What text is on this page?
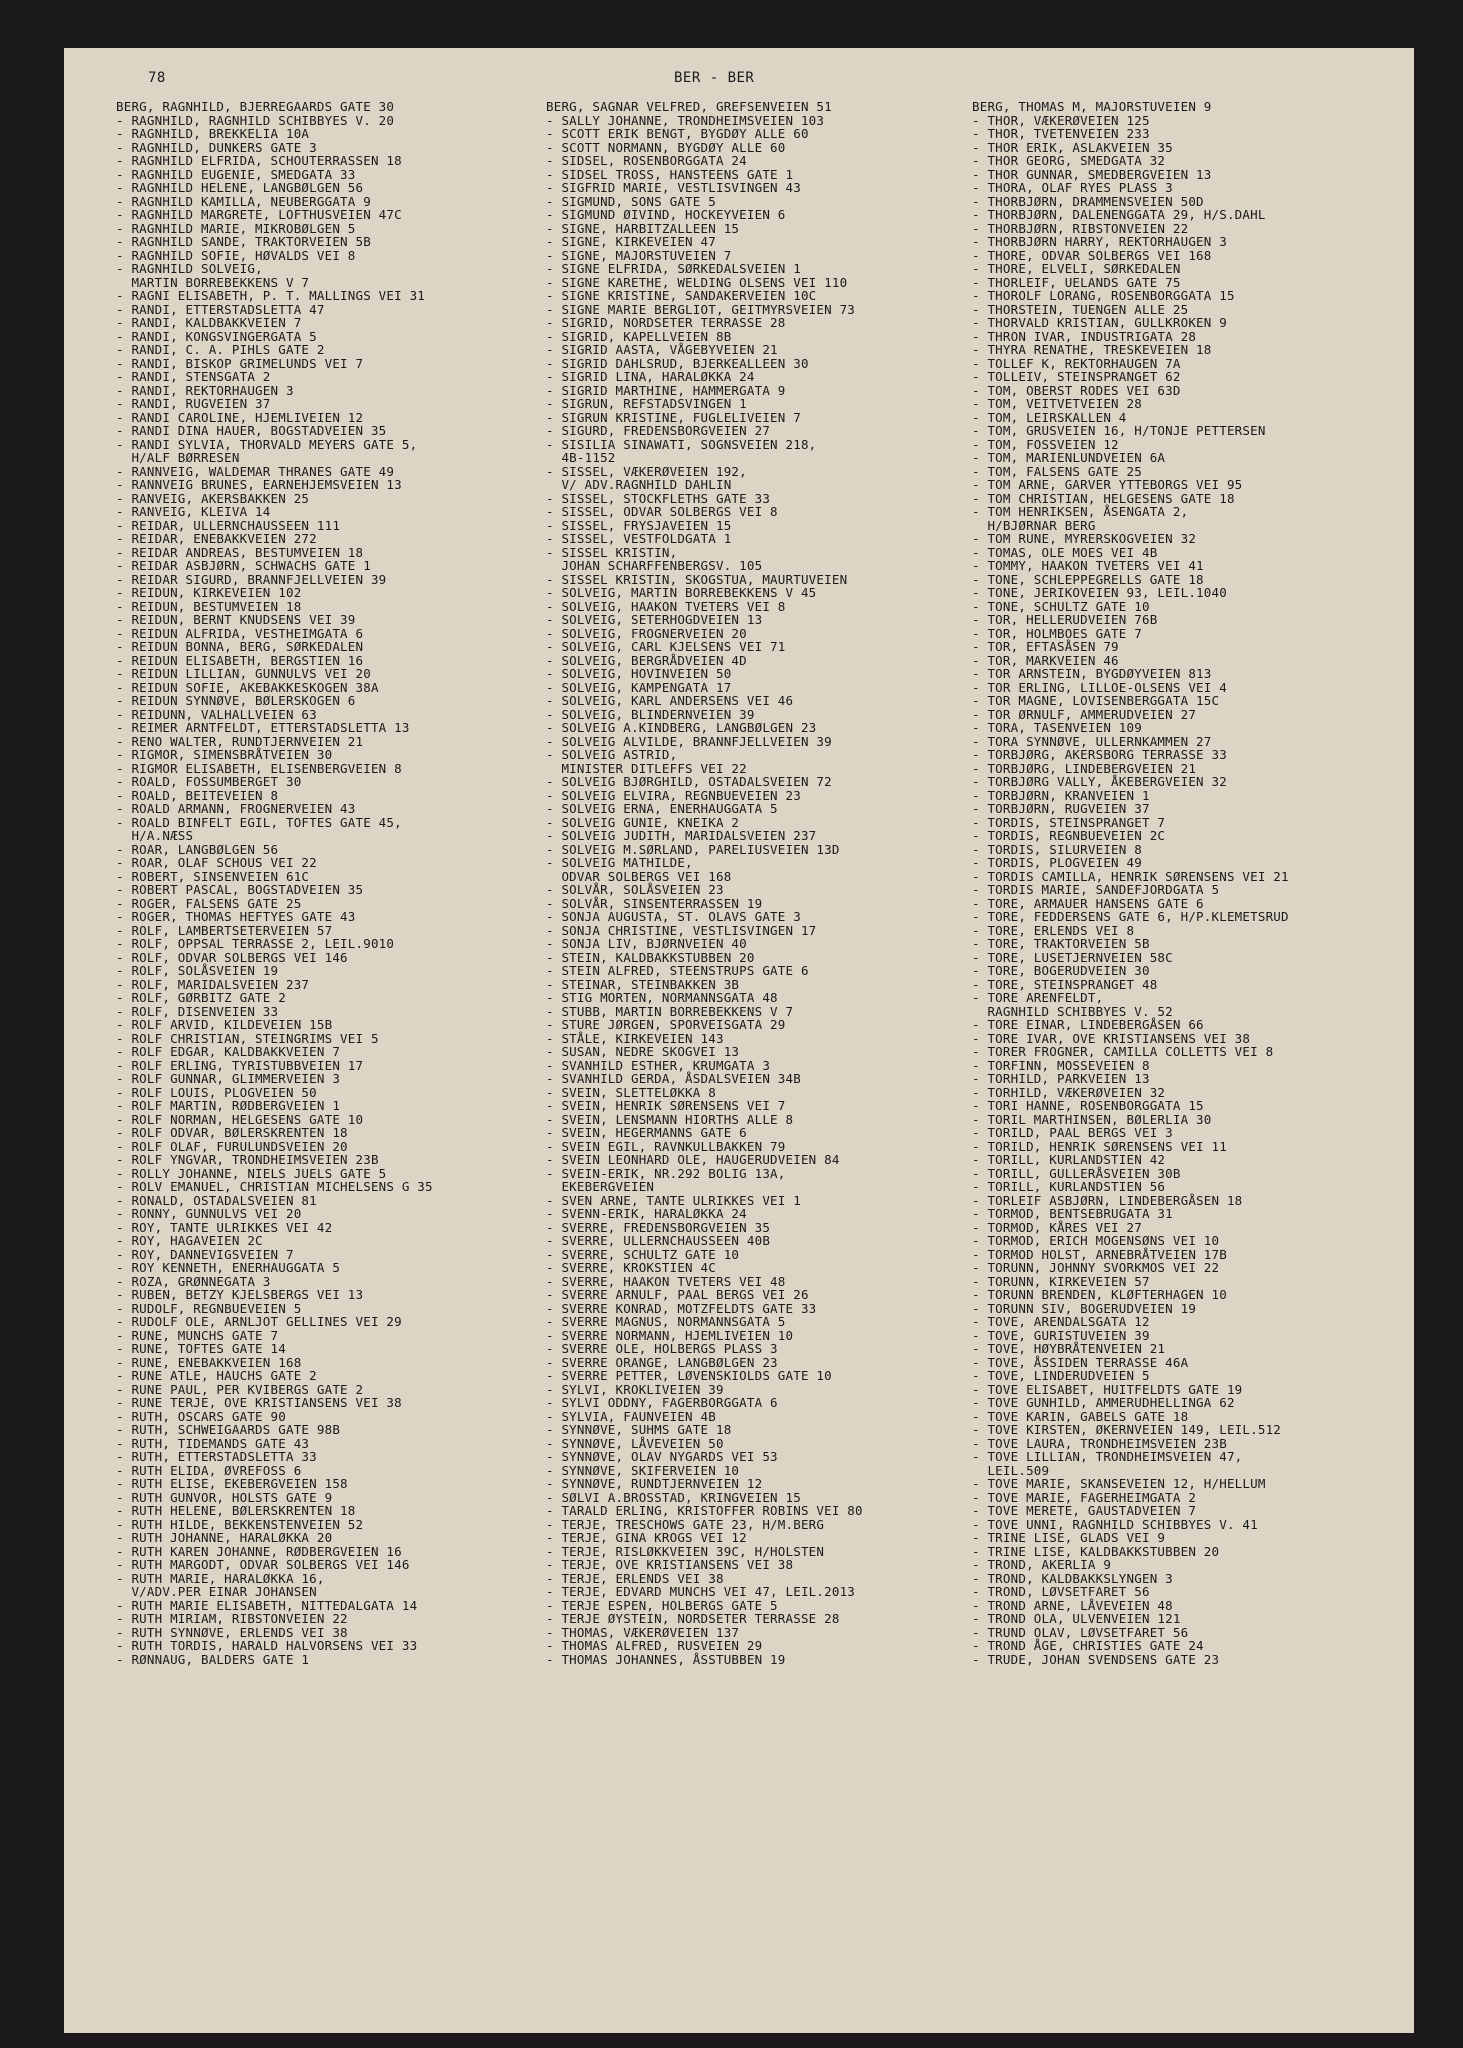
78	BER - BER
BERG, RAGNHILD, BJERREGAARDS GATE 30
- RAGNHILD, RAGNHILD SCHIBBYES V. 20
- RAGNHILD, BREKKELIA 10A
- RAGNHILD, DUNKERS GATE 3
- RAGNHILD ELFRIDA, SCHOUTERRASSEN 18
- RAGNHILD EUGENIE, SMEDGATA 33
- RAGNHILD HELENE, LANGBØLGEN 56
- RAGNHILD KAMILLA, NEUBERGGATA 9
- RAGNHILD MARGRETE, LOFTHUSVEIEN 47C
- RAGNHILD MARIE, MIKROBØLGEN 5
- RAGNHILD SANDE, TRAKTORVEIEN 5B
- RAGNHILD SOFIE, HØVALDS VEI 8
- RAGNHILD SOLVEIG,
MARTIN BORREBEKKENS V 7
- RAGNI ELISABETH, P. T. MALLINGS VEI 31
- RANDI, ETTERSTADSLETTA 47
- RANDI, KALDBAKKVEIEN 7
- RANDI, KONGSVINGERGATA 5
- RANDI, C. A. PIHLS GATE 2
- RANDI, BISKOP GRIMELUNDS VEI 7
- RANDI, STENSGATA 2
- RANDI, REKTORHAUGEN 3
- RANDI, RUGVEIEN 37
- RANDI CAROLINE, HJEMLIVEIEN 12
- RANDI DINA HAUER, BOGSTADVEIEN 35
- RANDI SYLVIA, THORVALD MEYERS GATE 5,
H/ALF BØRRESEN
- RANNVEIG, WALDEMAR THRANES GATE 49
- RANNVEIG BRUNES, EARNEHJEMSVEIEN 13
- RANVEIG, AKERSBAKKEN 25
- RANVEIG, KLEIVA 14
- REIDAR, ULLERNCHAUSSEEN 111
- REIDAR, ENEBAKKVEIEN 272
- REIDAR ANDREAS, BESTUMVEIEN 18
- REIDAR ASBJØRN, SCHWACHS GATE 1
- REIDAR SIGURD, BRANNFJELLVEIEN 39
- REIDUN, KIRKEVEIEN 102
- REIDUN, BESTUMVEIEN 18
- REIDUN, BERNT KNUDSENS VEI 39
- REIDUN ALFRIDA, VESTHEIMGATA 6
- REIDUN BONNA, BERG, SØRKEDALEN
- REIDUN ELISABETH, BERGSTIEN 16
- REIDUN LILLIAN, GUNNULVS VEI 20
- REIDUN SOFIE, AKEBAKKESKOGEN 38A
- REIDUN SYNNØVE, BØLERSKOGEN 6
- REIDUNN, VALHALLVEIEN 63
- REIMER ARNTFELDT, ETTERSTADSLETTA 13
- RENO WALTER, RUNDTJERNVEIEN 21
- RIGMOR, SIMENSBRÅTVEIEN 30
- RIGMOR ELISABETH, ELISENBERGVEIEN 8
- ROALD, FOSSUMBERGET 30
- ROALD, BEITEVEIEN 8
- ROALD ARMANN, FROGNERVEIEN 43
- ROALD BINFELT EGIL, TOFTES GATE 45,
H/A.NÆSS
- ROAR, LANGBØLGEN 56
- ROAR, OLAF SCHOUS VEI 22
- ROBERT, SINSENVEIEN 61C
- ROBERT PASCAL, BOGSTADVEIEN 35
- ROGER, FALSENS GATE 25
- ROGER, THOMAS HEFTYES GATE 43
- ROLF, LAMBERTSETERVEIEN 57
- ROLF, OPPSAL TERRASSE 2, LEIL.9010
- ROLF, ODVAR SOLBERGS VEI 146
- ROLF, SOLÅSVEIEN 19
- ROLF, MARIDALSVEIEN 237
- ROLF, GØRBITZ GATE 2
- ROLF, DISENVEIEN 33
- ROLF ARVID, KILDEVEIEN 15B
- ROLF CHRISTIAN, STEINGRIMS VEI 5
- ROLF EDGAR, KALDBAKKVEIEN 7
- ROLF ERLING, TYRISTUBBVEIEN 17
- ROLF GUNNAR, GLIMMERVEIEN 3
- ROLF LOUIS, PLOGVEIEN 50
- ROLF MARTIN, RØDBERGVEIEN 1
- ROLF NORMAN, HELGESENS GATE 10
- ROLF ODVAR, BØLERSKRENTEN 18
- ROLF OLAF, FURULUNDSVEIEN 20
- ROLF YNGVAR, TRONDHEIMSVEIEN 23B
- ROLLY JOHANNE, NIELS JUELS GATE 5
- ROLV EMANUEL, CHRISTIAN MICHELSENS G 35
- RONALD, OSTADALSVEIEN 81
- RONNY, GUNNULVS VEI 20
- ROY, TANTE ULRIKKES VEI 42
- ROY, HAGAVEIEN 2C
- ROY, DANNEVIGSVEIEN 7
- ROY KENNETH, ENERHAUGGATA 5
- ROZA, GRØNNEGATA 3
- RUBEN, BETZY KJELSBERGS VEI 13
- RUDOLF, REGNBUEVEIEN 5
- RUDOLF OLE, ARNLJOT GELLINES VEI 29
- RUNE, MUNCHS GATE 7
- RUNE, TOFTES GATE 14
- RUNE, ENEBAKKVEIEN 168
- RUNE ATLE, HAUCHS GATE 2
- RUNE PAUL, PER KVIBERGS GATE 2
- RUNE TERJE, OVE KRISTIANSENS VEI 38
- RUTH, OSCARS GATE 90
- RUTH, SCHWEIGAARDS GATE 98B
- RUTH, TIDEMANDS GATE 43
- RUTH, ETTERSTADSLETTA 33
- RUTH ELIDA, ØVREFOSS 6
- RUTH ELISE, EKEBERGVEIEN 158
- RUTH GUNVOR, HOLSTS GATE 9
- RUTH HELENE, BØLERSKRENTEN 18
- RUTH HILDE, BEKKENSTENVEIEN 52
- RUTH JOHANNE, HARALØKKA 20
- RUTH KAREN JOHANNE, RØDBERGVEIEN 16
- RUTH MARGODT, ODVAR SOLBERGS VEI 146
- RUTH MARIE, HARALØKKA 16,
V/ADV.PER EINAR JOHANSEN
- RUTH MARIE ELISABETH, NITTEDALGATA 14
- RUTH MIRIAM, RIBSTONVEIEN 22
- RUTH SYNNØVE, ERLENDS VEI 38
- RUTH TORDIS, HARALD HALVORSENS VEI 33
- RØNNAUG, BALDERS GATE 1
BERG, SAGNAR VELFRED, GREFSENVEIEN 51
- SALLY JOHANNE, TRONDHEIMSVEIEN 103
- SCOTT ERIK BENGT, BYGDØY ALLE 60
- SCOTT NORMANN, BYGDØY ALLE 60
- SIDSEL, ROSENBORGGATA 24
- SIDSEL TROSS, HANSTEENS GATE 1
- SIGFRID MARIE, VESTLISVINGEN 43
- SIGMUND, SONS GATE 5
- SIGMUND ØIVIND, HOCKEYVEIEN 6
- SIGNE, HARBITZALLEEN 15
- SIGNE, KIRKEVEIEN 47
- SIGNE, MAJORSTUVEIEN 7
- SIGNE ELFRIDA, SØRKEDALSVEIEN 1
- SIGNE KARETHE, WELDING OLSENS VEI 110
- SIGNE KRISTINE, SANDAKERVEIEN 10C
- SIGNE MARIE BERGLIOT, GEITMYRSVEIEN 73
- SIGRID, NORDSETER TERRASSE 28
- SIGRID, KAPELLVEIEN 8B
- SIGRID AASTA, VÅGEBYVEIEN 21
- SIGRID DAHLSRUD, BJERKEALLEEN 30
- SIGRID LINA, HARALØKKA 24
- SIGRID MARTHINE, HAMMERGATA 9
- SIGRUN, REFSTADSVINGEN 1
- SIGRUN KRISTINE, FUGLELIVEIEN 7
- SIGURD, FREDENSBORGVEIEN 27
- SISILIA SINAWATI, SOGNSVEIEN 218,
4B-1152
- SISSEL, VÆKERØVEIEN 192,
V/ ADV.RAGNHILD DAHLIN
- SISSEL, STOCKFLETHS GATE 33
- SISSEL, ODVAR SOLBERGS VEI 8
- SISSEL, FRYSJAVEIEN 15
- SISSEL, VESTFOLDGATA 1
- SISSEL KRISTIN,
JOHAN SCHARFFENBERGSV. 105
- SISSEL KRISTIN, SKOGSTUA, MAURTUVEIEN
- SOLVEIG, MARTIN BORREBEKKENS V 45
- SOLVEIG, HAAKON TVETERS VEI 8
- SOLVEIG, SETERHOGDVEIEN 13
- SOLVEIG, FROGNERVEIEN 20
- SOLVEIG, CARL KJELSENS VEI 71
- SOLVEIG, BERGRÅDVEIEN 4D
- SOLVEIG, HOVINVEIEN 50
- SOLVEIG, KAMPENGATA 17
- SOLVEIG, KARL ANDERSENS VEI 46
- SOLVEIG, BLINDERNVEIEN 39
- SOLVEIG A.KINDBERG, LANGBØLGEN 23
- SOLVEIG ALVILDE, BRANNFJELLVEIEN 39
- SOLVEIG ASTRID,
MINISTER DITLEFFS VEI 22
- SOLVEIG BJØRGHILD, OSTADALSVEIEN 72
- SOLVEIG ELVIRA, REGNBUEVEIEN 23
- SOLVEIG ERNA, ENERHAUGGATA 5
- SOLVEIG GUNIE, KNEIKA 2
- SOLVEIG JUDITH, MARIDALSVEIEN 237
- SOLVEIG M.SØRLAND, PARELIUSVEIEN 13D
- SOLVEIG MATHILDE,
ODVAR SOLBERGS VEI 168
- SOLVÅR, SOLÅSVEIEN 23
- SOLVÅR, SINSENTERRASSEN 19
- SONJA AUGUSTA, ST. OLAVS GATE 3
- SONJA CHRISTINE, VESTLISVINGEN 17
- SONJA LIV, BJØRNVEIEN 40
- STEIN, KALDBAKKSTUBBEN 20
- STEIN ALFRED, STEENSTRUPS GATE 6
- STEINAR, STEINBAKKEN 3B
- STIG MORTEN, NORMANNSGATA 48
- STUBB, MARTIN BORREBEKKENS V 7
- STURE JØRGEN, SPORVEISGATA 29
- STÅLE, KIRKEVEIEN 143
- SUSAN, NEDRE SKOGVEI 13
- SVANHILD ESTHER, KRUMGATA 3
- SVANHILD GERDA, ÅSDALSVEIEN 34B
- SVEIN, SLETTELØKKA 8
- SVEIN, HENRIK SØRENSENS VEI 7
- SVEIN, LENSMANN HIORTHS ALLE 8
- SVEIN, HEGERMANNS GATE 6
- SVEIN EGIL, RAVNKULLBAKKEN 79
- SVEIN LEONHARD OLE, HAUGERUDVEIEN 84
- SVEIN-ERIK, NR.292 BOLIG 13A,
EKEBERGVEIEN
- SVEN ARNE, TANTE ULRIKKES VEI 1
- SVENN-ERIK, HARALØKKA 24
- SVERRE, FREDENSBORGVEIEN 35
- SVERRE, ULLERNCHAUSSEEN 40B
- SVERRE, SCHULTZ GATE 10
- SVERRE, KROKSTIEN 4C
- SVERRE, HAAKON TVETERS VEI 48
- SVERRE ARNULF, PAAL BERGS VEI 26
- SVERRE KONRAD, MOTZFELDTS GATE 33
- SVERRE MAGNUS, NORMANNSGATA 5
- SVERRE NORMANN, HJEMLIVEIEN 10
- SVERRE OLE, HOLBERGS PLASS 3
- SVERRE ORANGE, LANGBØLGEN 23
- SVERRE PETTER, LØVENSKIOLDS GATE 10
- SYLVI, KROKLIVEIEN 39
- SYLVI ODDNY, FAGERBORGGATA 6
- SYLVIA, FAUNVEIEN 4B
- SYNNØVE, SUHMS GATE 18
- SYNNØVE, LÅVEVEIEN 50
- SYNNØVE, OLAV NYGARDS VEI 53
- SYNNØVE, SKIFERVEIEN 10
- SYNNØVE, RUNDTJERNVEIEN 12
- SØLVI A.BROSSTAD, KRINGVEIEN 15
- TARALD ERLING, KRISTOFFER ROBINS VEI 80
- TERJE, TRESCHOWS GATE 23, H/M.BERG
- TERJE, GINA KROGS VEI 12
- TERJE, RISLØKKVEIEN 39C, H/HOLSTEN
- TERJE, OVE KRISTIANSENS VEI 38
- TERJE, ERLENDS VEI 38
- TERJE, EDVARD MUNCHS VEI 47, LEIL.2013
- TERJE ESPEN, HOLBERGS GATE 5
- TERJE ØYSTEIN, NORDSETER TERRASSE 28
- THOMAS, VÆKERØVEIEN 137
- THOMAS ALFRED, RUSVEIEN 29
- THOMAS JOHANNES, ÅSSTUBBEN 19
BERG, THOMAS M, MAJORSTUVEIEN 9
- THOR, VÆKERØVEIEN 125
- THOR, TVETENVEIEN 233
- THOR ERIK, ASLAKVEIEN 35
- THOR GEORG, SMEDGATA 32
- THOR GUNNAR, SMEDBERGVEIEN 13
- THORA, OLAF RYES PLASS 3
- THORBJØRN, DRAMMENSVEIEN 50D
- THORBJØRN, DALENENGGATA 29, H/S.DAHL
- THORBJØRN, RIBSTONVEIEN 22
- THORBJØRN HARRY, REKTORHAUGEN 3
- THORE, ODVAR SOLBERGS VEI 168
- THORE, ELVELI, SØRKEDALEN
- THORLEIF, UELANDS GATE 75
- THOROLF LORANG, ROSENBORGGATA 15
- THORSTEIN, TUENGEN ALLE 25
- THORVALD KRISTIAN, GULLKROKEN 9
- THRON IVAR, INDUSTRIGATA 28
- THYRA RENATHE, TRESKEVEIEN 18
- TOLLEF K, REKTORHAUGEN 7A
- TOLLEIV, STEINSPRANGET 62
- TOM, OBERST RODES VEI 63D
- TOM, VEITVETVEIEN 28
- TOM, LEIRSKALLEN 4
- TOM, GRUSVEIEN 16, H/TONJE PETTERSEN
- TOM, FOSSVEIEN 12
- TOM, MARIENLUNDVEIEN 6A
- TOM, FALSENS GATE 25
- TOM ARNE, GARVER YTTEBORGS VEI 95
- TOM CHRISTIAN, HELGESENS GATE 18
- TOM HENRIKSEN, ÅSENGATA 2,
H/BJØRNAR BERG
- TOM RUNE, MYRERSKOGVEIEN 32
- TOMAS, OLE MOES VEI 4B
- TOMMY, HAAKON TVETERS VEI 41
- TONE, SCHLEPPEGRELLS GATE 18
- TONE, JERIKOVEIEN 93, LEIL.1040
- TONE, SCHULTZ GATE 10
- TOR, HELLERUDVEIEN 76B
- TOR, HOLMBOES GATE 7
- TOR, EFTASÅSEN 79
- TOR, MARKVEIEN 46
- TOR ARNSTEIN, BYGDØYVEIEN 813
- TOR ERLING, LILLOE-OLSENS VEI 4
- TOR MAGNE, LOVISENBERGGATA 15C
- TOR ØRNULF, AMMERUDVEIEN 27
- TORA, TASENVEIEN 109
- TORA SYNNØVE, ULLERNKAMMEN 27
- TORBJØRG, AKERSBORG TERRASSE 33
- TORBJØRG, LINDEBERGVEIEN 21
- TORBJØRG VALLY, ÅKEBERGVEIEN 32
- TORBJØRN, KRANVEIEN 1
- TORBJØRN, RUGVEIEN 37
- TORDIS, STEINSPRANGET 7
- TORDIS, REGNBUEVEIEN 2C
- TORDIS, SILURVEIEN 8
- TORDIS, PLOGVEIEN 49
- TORDIS CAMILLA, HENRIK SØRENSENS VEI 21
- TORDIS MARIE, SANDEFJORDGATA 5
- TORE, ARMAUER HANSENS GATE 6
- TORE, FEDDERSENS GATE 6, H/P.KLEMETSRUD
- TORE, ERLENDS VEI 8
- TORE, TRAKTORVEIEN 5B
- TORE, LUSETJERNVEIEN 58C
- TORE, BOGERUDVEIEN 30
- TORE, STEINSPRANGET 48
- TORE ARENFELDT,
RAGNHILD SCHIBBYES V. 52
- TORE EINAR, LINDEBERGÅSEN 66
- TORE IVAR, OVE KRISTIANSENS VEI 38
- TORER FROGNER, CAMILLA COLLETTS VEI 8
- TORFINN, MOSSEVEIEN 8
- TORHILD, PARKVEIEN 13
- TORHILD, VÆKERØVEIEN 32
- TORI HANNE, ROSENBORGGATA 15
- TORIL MARTHINSEN, BØLERLIA 30
- TORILD, PAAL BERGS VEI 3
- TORILD, HENRIK SØRENSENS VEI 11
- TORILL, KURLANDSTIEN 42
- TORILL, GULLERÅSVEIEN 30B
- TORILL, KURLANDSTIEN 56
- TORLEIF ASBJØRN, LINDEBERGÅSEN 18
- TORMOD, BENTSEBRUGATA 31
- TORMOD, KÅRES VEI 27
- TORMOD, ERICH MOGENSØNS VEI 10
- TORMOD HOLST, ARNEBRÅTVEIEN 17B
- TORUNN, JOHNNY SVORKMOS VEI 22
- TORUNN, KIRKEVEIEN 57
- TORUNN BRENDEN, KLØFTERHAGEN 10
- TORUNN SIV, BOGERUDVEIEN 19
- TOVE, ARENDALSGATA 12
- TOVE, GURISTUVEIEN 39
- TOVE, HØYBRÅTENVEIEN 21
- TOVE, ÅSSIDEN TERRASSE 46A
- TOVE, LINDERUDVEIEN 5
- TOVE ELISABET, HUITFELDTS GATE 19
- TOVE GUNHILD, AMMERUDHELLINGA 62
- TOVE KARIN, GABELS GATE 18
- TOVE KIRSTEN, ØKERNVEIEN 149, LEIL.512
- TOVE LAURA, TRONDHEIMSVEIEN 23B
- TOVE LILLIAN, TRONDHEIMSVEIEN 47,
LEIL.509
- TOVE MARIE, SKANSEVEIEN 12, H/HELLUM
- TOVE MARIE, FAGERHEIMGATA 2
- TOVE MERETE, GAUSTADVEIEN 7
- TOVE UNNI, RAGNHILD SCHIBBYES V. 41
- TRINE LISE, GLADS VEI 9
- TRINE LISE, KALDBAKKSTUBBEN 20
- TROND, AKERLIA 9
- TROND, KALDBAKKSLYNGEN 3
- TROND, LØVSETFARET 56
- TROND ARNE, LÅVEVEIEN 48
- TROND OLA, ULVENVEIEN 121
- TRUND OLAV, LØVSETFARET 56
- TROND ÅGE, CHRISTIES GATE 24
- TRUDE, JOHAN SVENDSENS GATE 23
